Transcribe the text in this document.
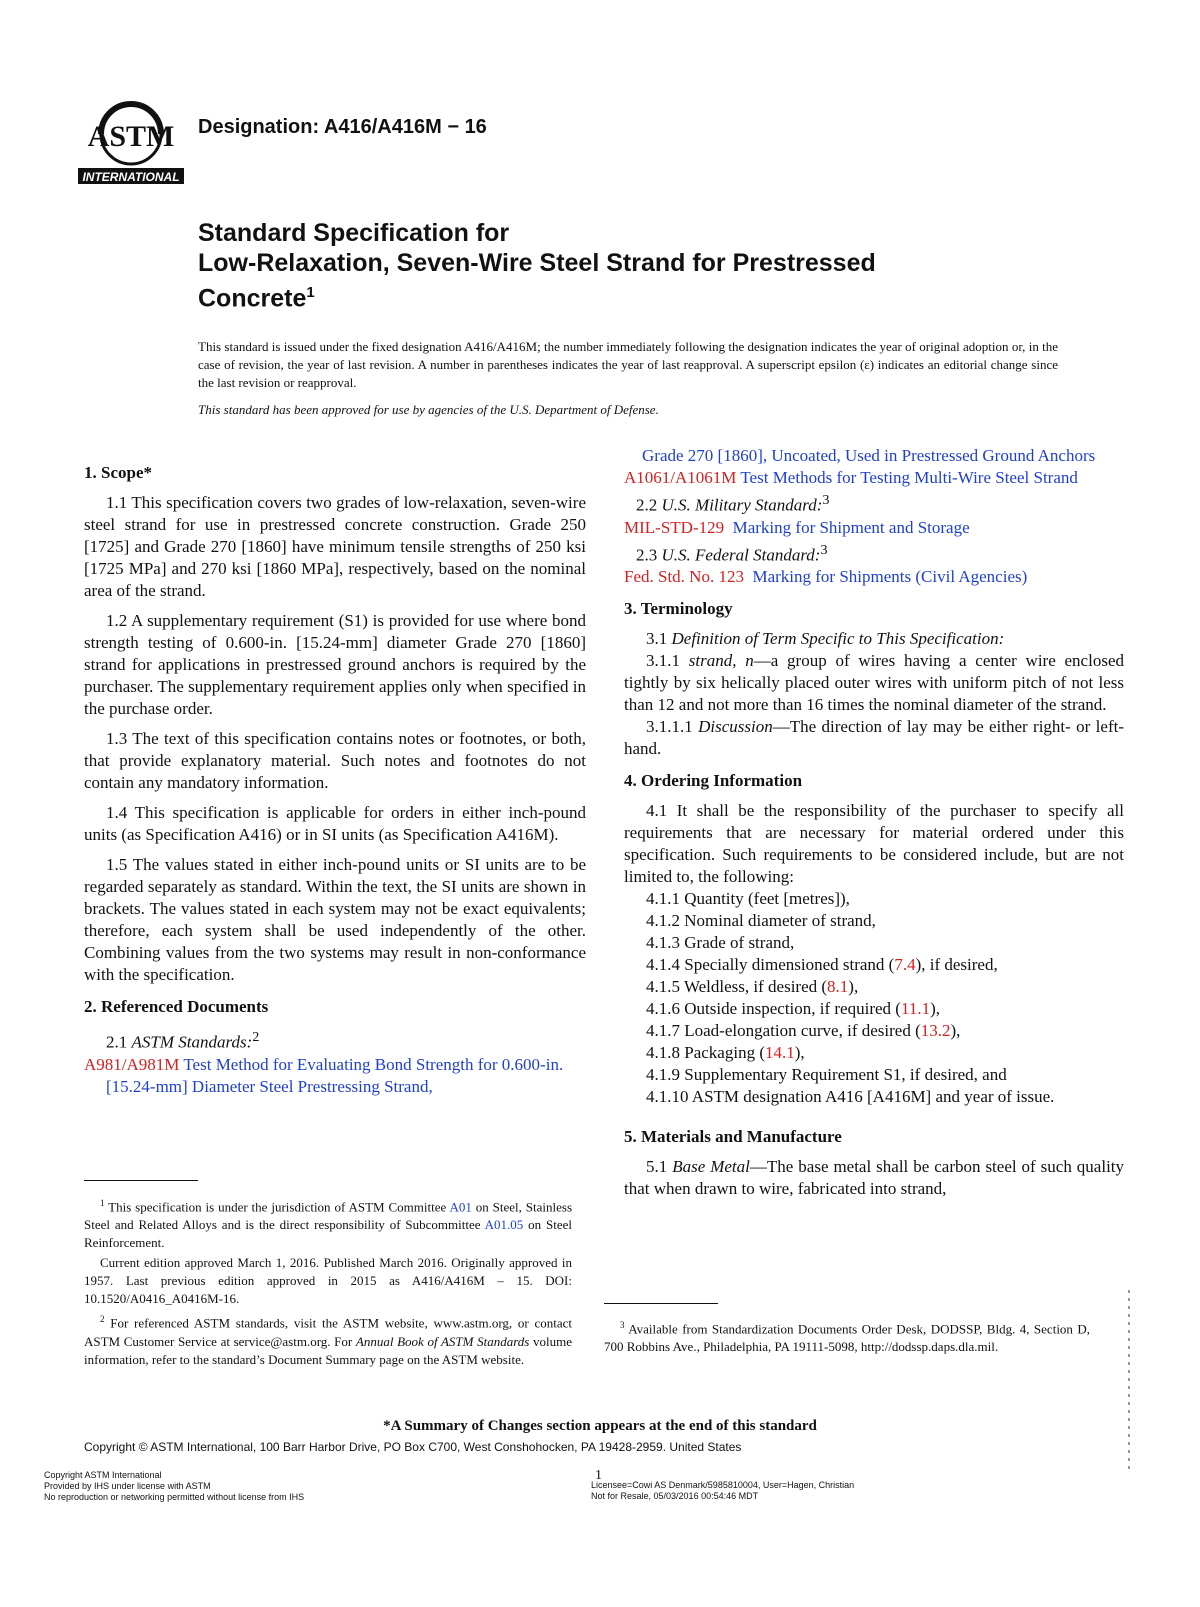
ASTM
INTERNATIONAL
Designation: A416/A416M − 16
Standard Specification for
Low-Relaxation, Seven-Wire Steel Strand for Prestressed
Concrete$^1$
This standard is issued under the fixed designation A416/A416M; the number immediately following the designation indicates the year of original adoption or, in the case of revision, the year of last revision. A number in parentheses indicates the year of last reapproval. A superscript epsilon (ε) indicates an editorial change since the last revision or reapproval.
This standard has been approved for use by agencies of the U.S. Department of Defense.
1. Scope*

1.1 This specification covers two grades of low-relaxation, seven-wire steel strand for use in prestressed concrete construction. Grade 250 [1725] and Grade 270 [1860] have minimum tensile strengths of 250 ksi [1725 MPa] and 270 ksi [1860 MPa], respectively, based on the nominal area of the strand.

1.2 A supplementary requirement (S1) is provided for use where bond strength testing of 0.600-in. [15.24-mm] diameter Grade 270 [1860] strand for applications in prestressed ground anchors is required by the purchaser. The supplementary requirement applies only when specified in the purchase order.

1.3 The text of this specification contains notes or footnotes, or both, that provide explanatory material. Such notes and footnotes do not contain any mandatory information.

1.4 This specification is applicable for orders in either inch-pound units (as Specification A416) or in SI units (as Specification A416M).

1.5 The values stated in either inch-pound units or SI units are to be regarded separately as standard. Within the text, the SI units are shown in brackets. The values stated in each system may not be exact equivalents; therefore, each system shall be used independently of the other. Combining values from the two systems may result in non-conformance with the specification.

2. Referenced Documents

2.1 ASTM Standards:$^2$

A981/A981M Test Method for Evaluating Bond Strength for 0.600-in. [15.24-mm] Diameter Steel Prestressing Strand,

Grade 270 [1860], Uncoated, Used in Prestressed Ground Anchors

A1061/A1061M Test Methods for Testing Multi-Wire Steel Strand

2.2 U.S. Military Standard:$^3$

MIL-STD-129 Marking for Shipment and Storage

2.3 U.S. Federal Standard:$^3$

Fed. Std. No. 123 Marking for Shipments (Civil Agencies)

3. Terminology

3.1 Definition of Term Specific to This Specification:

3.1.1 strand, n—a group of wires having a center wire enclosed tightly by six helically placed outer wires with uniform pitch of not less than 12 and not more than 16 times the nominal diameter of the strand.

3.1.1.1 Discussion—The direction of lay may be either right- or left-hand.

4. Ordering Information

4.1 It shall be the responsibility of the purchaser to specify all requirements that are necessary for material ordered under this specification. Such requirements to be considered include, but are not limited to, the following:

4.1.1 Quantity (feet [metres]),

4.1.2 Nominal diameter of strand,

4.1.3 Grade of strand,

4.1.4 Specially dimensioned strand (7.4), if desired,

4.1.5 Weldless, if desired (8.1),

4.1.6 Outside inspection, if required (11.1),

4.1.7 Load-elongation curve, if desired (13.2),

4.1.8 Packaging (14.1),

4.1.9 Supplementary Requirement S1, if desired, and

4.1.10 ASTM designation A416 [A416M] and year of issue.

5. Materials and Manufacture

5.1 Base Metal—The base metal shall be carbon steel of such quality that when drawn to wire, fabricated into strand,

$^1$ This specification is under the jurisdiction of ASTM Committee A01 on Steel, Stainless Steel and Related Alloys and is the direct responsibility of Subcommittee A01.05 on Steel Reinforcement.

Current edition approved March 1, 2016. Published March 2016. Originally approved in 1957. Last previous edition approved in 2015 as A416/A416M – 15. DOI: 10.1520/A0416_A0416M-16.

$^2$ For referenced ASTM standards, visit the ASTM website, www.astm.org, or contact ASTM Customer Service at service@astm.org. For Annual Book of ASTM Standards volume information, refer to the standard’s Document Summary page on the ASTM website.

$^3$ Available from Standardization Documents Order Desk, DODSSP, Bldg. 4, Section D, 700 Robbins Ave., Philadelphia, PA 19111-5098, http://dodssp.daps.dla.mil.

*A Summary of Changes section appears at the end of this standard
Copyright © ASTM International, 100 Barr Harbor Drive, PO Box C700, West Conshohocken, PA 19428-2959. United States
1
Copyright ASTM International
Provided by IHS under license with ASTM
No reproduction or networking permitted without license from IHS
Licensee=Cowi AS Denmark/5985810004, User=Hagen, Christian
Not for Resale, 05/03/2016 00:54:46 MDT
